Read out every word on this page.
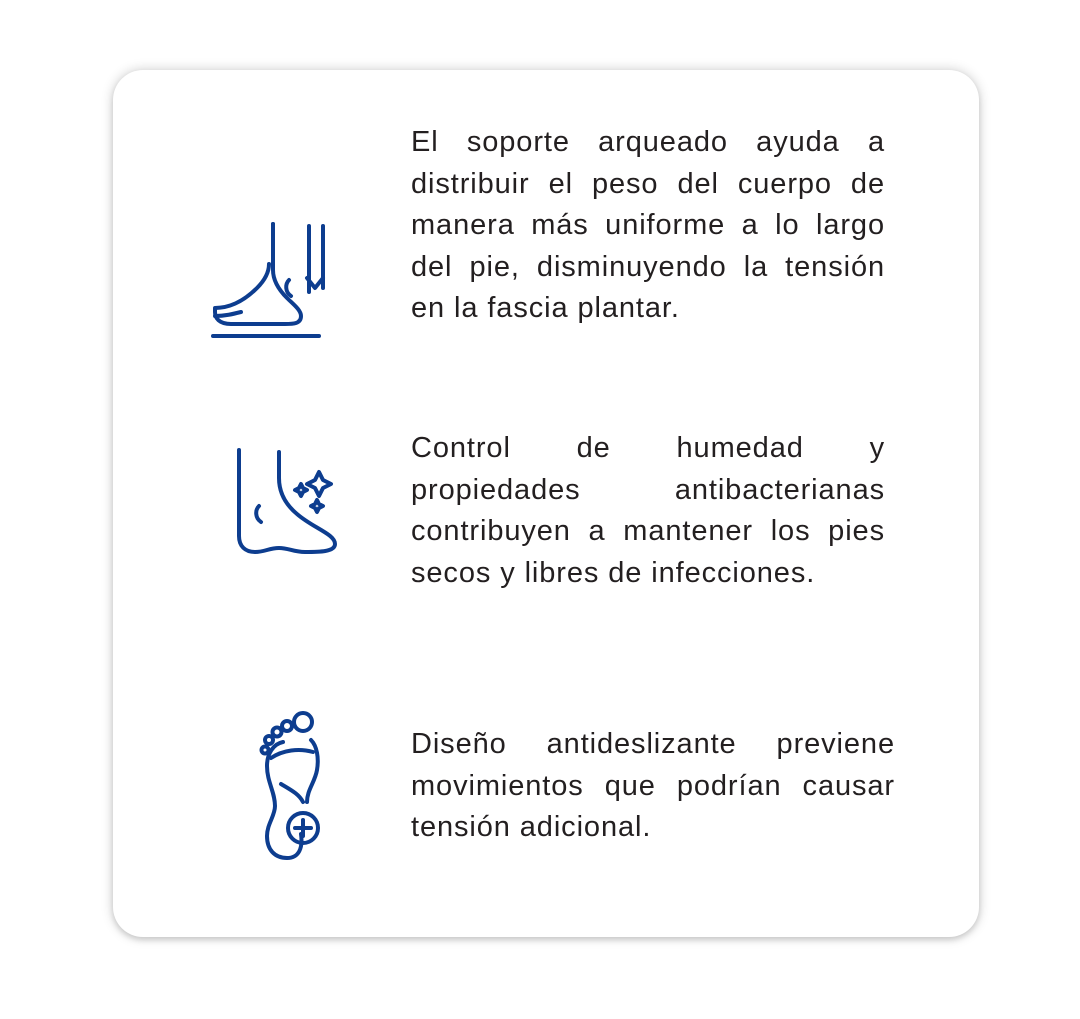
El soporte arqueado ayuda a distribuir el peso del cuerpo de manera más uniforme a lo largo del pie, disminuyendo la tensión en la fascia plantar.

Control de humedad y propiedades antibacterianas contribuyen a mantener los pies secos y libres de infecciones.

Diseño antideslizante previene movimientos que podrían causar tensión adicional.
